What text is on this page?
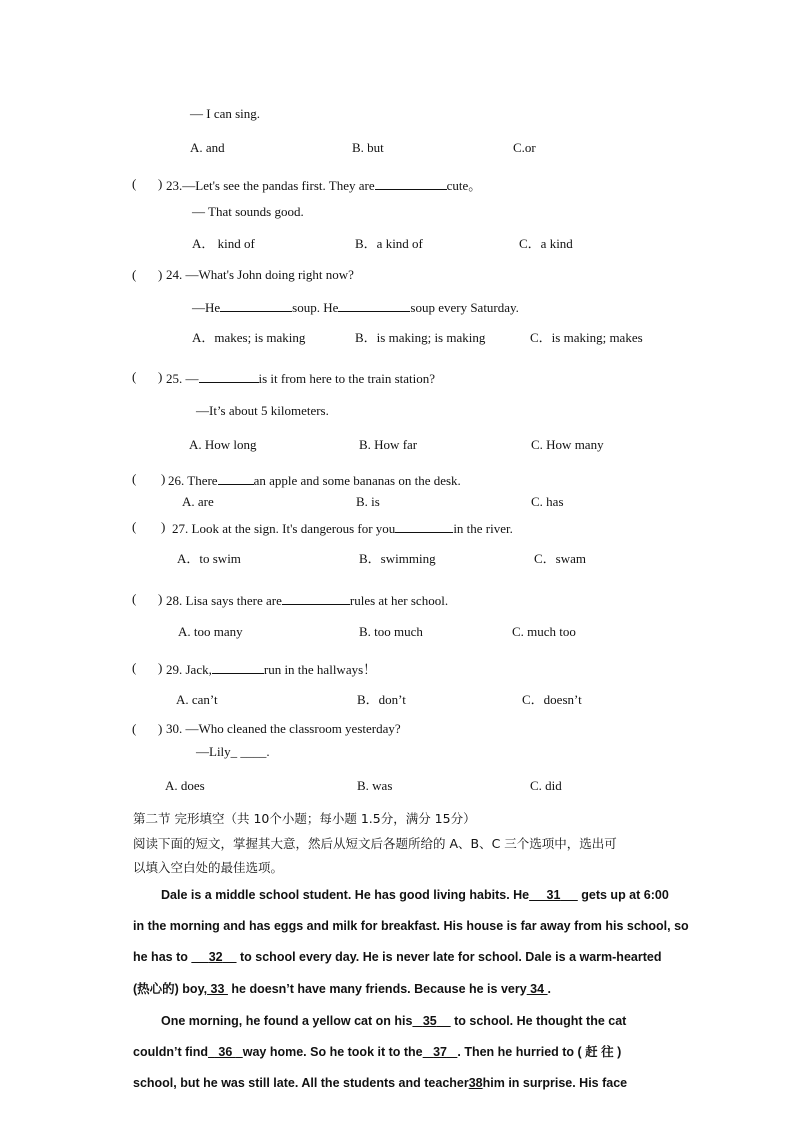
— I can sing.
A. and	B. but	C.or
( 23.—Let's see the pandas first. They are	cute。
)
— That sounds good.
A． kind of	B．a kind of	C．a kind
( ) 24. —What's John doing right now?
—He	soup. He	soup every Saturday.
A．makes; is making	B．is making; is making	C．is making; makes
( ) 25. —	is it from here to the train station?
—It’s about 5 kilometers.
A. How long	B. How far	C. How many
( ) 26. There	an apple and some bananas on the desk.
A. are	B. is	C. has
( ) 27. Look at the sign. It's dangerous for you	in the river.
A．to swim	B．swimming	C．swam
( ) 28. Lisa says there are	rules at her school.
A. too many	B. too much	C. much too
( ) 29. Jack,	run in the hallways！
A. can’t	B．don’t	C．doesn’t
( ) 30. —Who cleaned the classroom yesterday?
—Lily_ ____.
A. does	B. was	C. did
第二节 完形填空（共 10个小题；每小题 1.5分，满分 15分）
阅读下面的短文，掌握其大意，然后从短文后各题所给的 A、B、C 三个选项中，选出可
以填入空白处的最佳选项。
Dale is a middle school student. He has good living habits. He 31      gets up at 6:00
in the morning and has eggs and milk for breakfast. His house is far away from his school, so
he has to      32     to school every day. He is never late for school. Dale is a warm-hearted
(热心的) boy, 33  he doesn’t have many friends. Because he is very 34 .
One morning, he found a yellow cat on his 35     to school. He thought the cat
couldn’t find   36   way home. So he took it to the 37 . Then he hurried to ( 赶 往 )
school, but he was still late. All the students and teacher38him in surprise. His face
